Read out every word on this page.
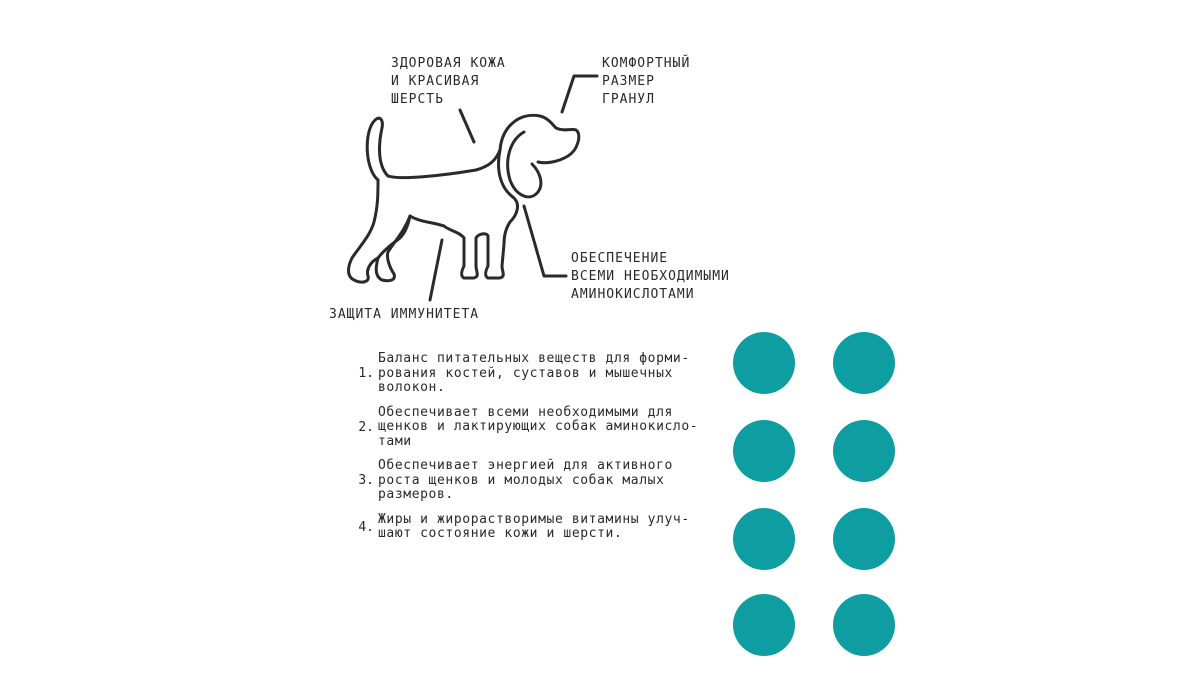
ЗДОРОВАЯ КОЖА
И КРАСИВАЯ
ШЕРСТЬ
КОМФОРТНЫЙ
РАЗМЕР
ГРАНУЛ
ОБЕСПЕЧЕНИЕ
ВСЕМИ НЕОБХОДИМЫМИ
АМИНОКИСЛОТАМИ
ЗАЩИТА ИММУНИТЕТА
1.
Баланс питательных веществ для форми-
рования костей, суставов и мышечных
волокон.
2.
Обеспечивает всеми необходимыми для
щенков и лактирующих собак аминокисло-
тами
3.
Обеспечивает энергией для активного
роста щенков и молодых собак малых
размеров.
4.
Жиры и жирорастворимые витамины улуч-
шают состояние кожи и шерсти.
